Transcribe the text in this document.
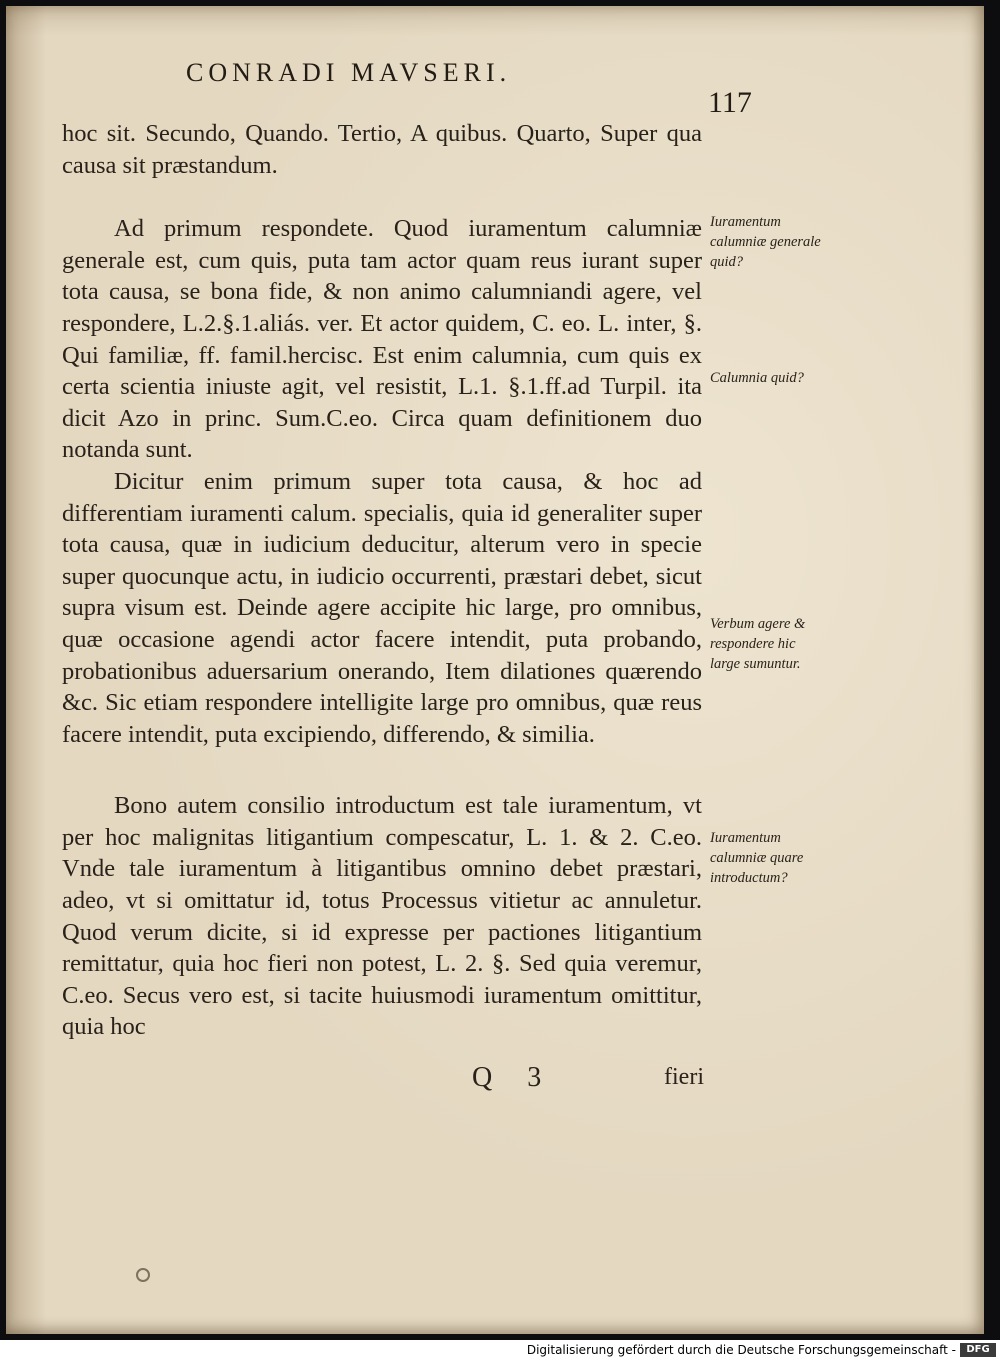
CONRADI MAVSERI.
117

hoc sit. Secundo, Quando. Tertio, A quibus. Quarto, Super qua causa sit præstandum.

Ad primum respondete. Quod iuramentum calumniæ generale est, cum quis, puta tam actor quam reus iurant super tota causa, se bona fide, & non animo calumniandi agere, vel respondere, L.2.§.1.aliás. ver. Et actor quidem, C. eo. L. inter, §. Qui familiæ, ff. famil.hercisc. Est enim calumnia, cum quis ex certa scientia iniuste agit, vel resistit, L.1. §.1.ff.ad Turpil. ita dicit Azo in princ. Sum.C.eo. Circa quam definitionem duo notanda sunt.

Dicitur enim primum super tota causa, & hoc ad differentiam iuramenti calum. specialis, quia id generaliter super tota causa, quæ in iudicium deducitur, alterum vero in specie super quocunque actu, in iudicio occurrenti, præstari debet, sicut supra visum est. Deinde agere accipite hic large, pro omnibus, quæ occasione agendi actor facere intendit, puta probando, probationibus aduersarium onerando, Item dilationes quærendo &c. Sic etiam respondere intelligite large pro omnibus, quæ reus facere intendit, puta excipiendo, differendo, & similia.

Bono autem consilio introductum est tale iuramentum, vt per hoc malignitas litigantium compescatur, L. 1. & 2. C.eo. Vnde tale iuramentum à litigantibus omnino debet præstari, adeo, vt si omittatur id, totus Processus vitietur ac annuletur. Quod verum dicite, si id expresse per pactiones litigantium remittatur, quia hoc fieri non potest, L. 2. §. Sed quia veremur, C.eo. Secus vero est, si tacite huiusmodi iuramentum omittitur, quia hoc

Iuramentum calumniæ generale quid?
Calumnia quid?
Verbum agere & respondere hic large sumuntur.
Iuramentum calumniæ quare introductum?
Q 3	fieri
Digitalisierung gefördert durch die Deutsche Forschungsgemeinschaft -	DFG
